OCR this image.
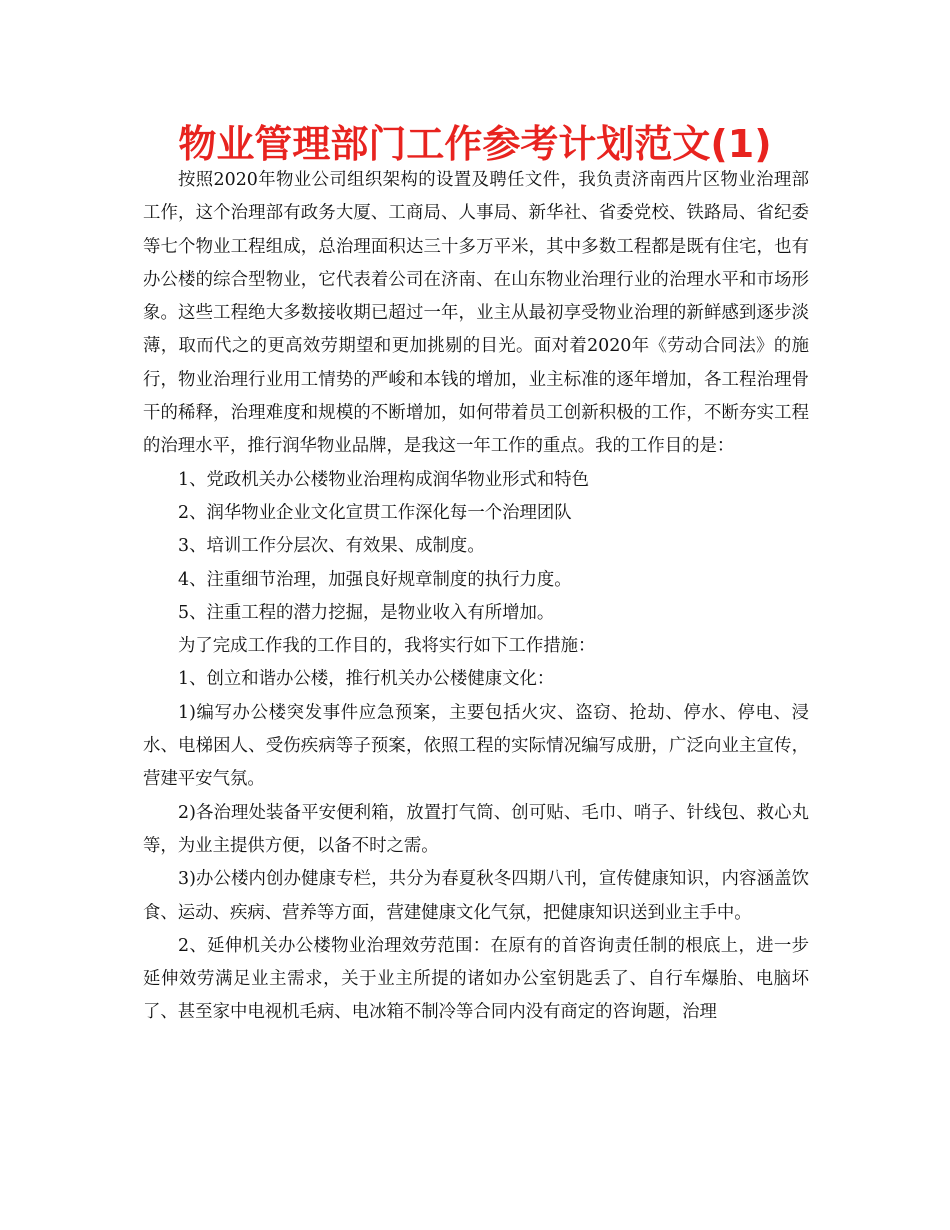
物业管理部门工作参考计划范文(1)

按照2020年物业公司组织架构的设置及聘任文件，我负责济南西片区物业治理部工作，这个治理部有政务大厦、工商局、人事局、新华社、省委党校、铁路局、省纪委等七个物业工程组成，总治理面积达三十多万平米，其中多数工程都是既有住宅，也有办公楼的综合型物业，它代表着公司在济南、在山东物业治理行业的治理水平和市场形象。这些工程绝大多数接收期已超过一年，业主从最初享受物业治理的新鲜感到逐步淡薄，取而代之的更高效劳期望和更加挑剔的目光。面对着2020年《劳动合同法》的施行，物业治理行业用工情势的严峻和本钱的增加，业主标准的逐年增加，各工程治理骨干的稀释，治理难度和规模的不断增加，如何带着员工创新积极的工作，不断夯实工程的治理水平，推行润华物业品牌，是我这一年工作的重点。我的工作目的是：

1、党政机关办公楼物业治理构成润华物业形式和特色

2、润华物业企业文化宣贯工作深化每一个治理团队

3、培训工作分层次、有效果、成制度。

4、注重细节治理，加强良好规章制度的执行力度。

5、注重工程的潜力挖掘，是物业收入有所增加。

为了完成工作我的工作目的，我将实行如下工作措施：

1、创立和谐办公楼，推行机关办公楼健康文化：

1)编写办公楼突发事件应急预案，主要包括火灾、盗窃、抢劫、停水、停电、浸水、电梯困人、受伤疾病等子预案，依照工程的实际情况编写成册，广泛向业主宣传，营建平安气氛。

2)各治理处装备平安便利箱，放置打气筒、创可贴、毛巾、哨子、针线包、救心丸等，为业主提供方便，以备不时之需。

3)办公楼内创办健康专栏，共分为春夏秋冬四期八刊，宣传健康知识，内容涵盖饮食、运动、疾病、营养等方面，营建健康文化气氛，把健康知识送到业主手中。

2、延伸机关办公楼物业治理效劳范围：在原有的首咨询责任制的根底上，进一步延伸效劳满足业主需求，关于业主所提的诸如办公室钥匙丢了、自行车爆胎、电脑坏了、甚至家中电视机毛病、电冰箱不制冷等合同内没有商定的咨询题，治理
